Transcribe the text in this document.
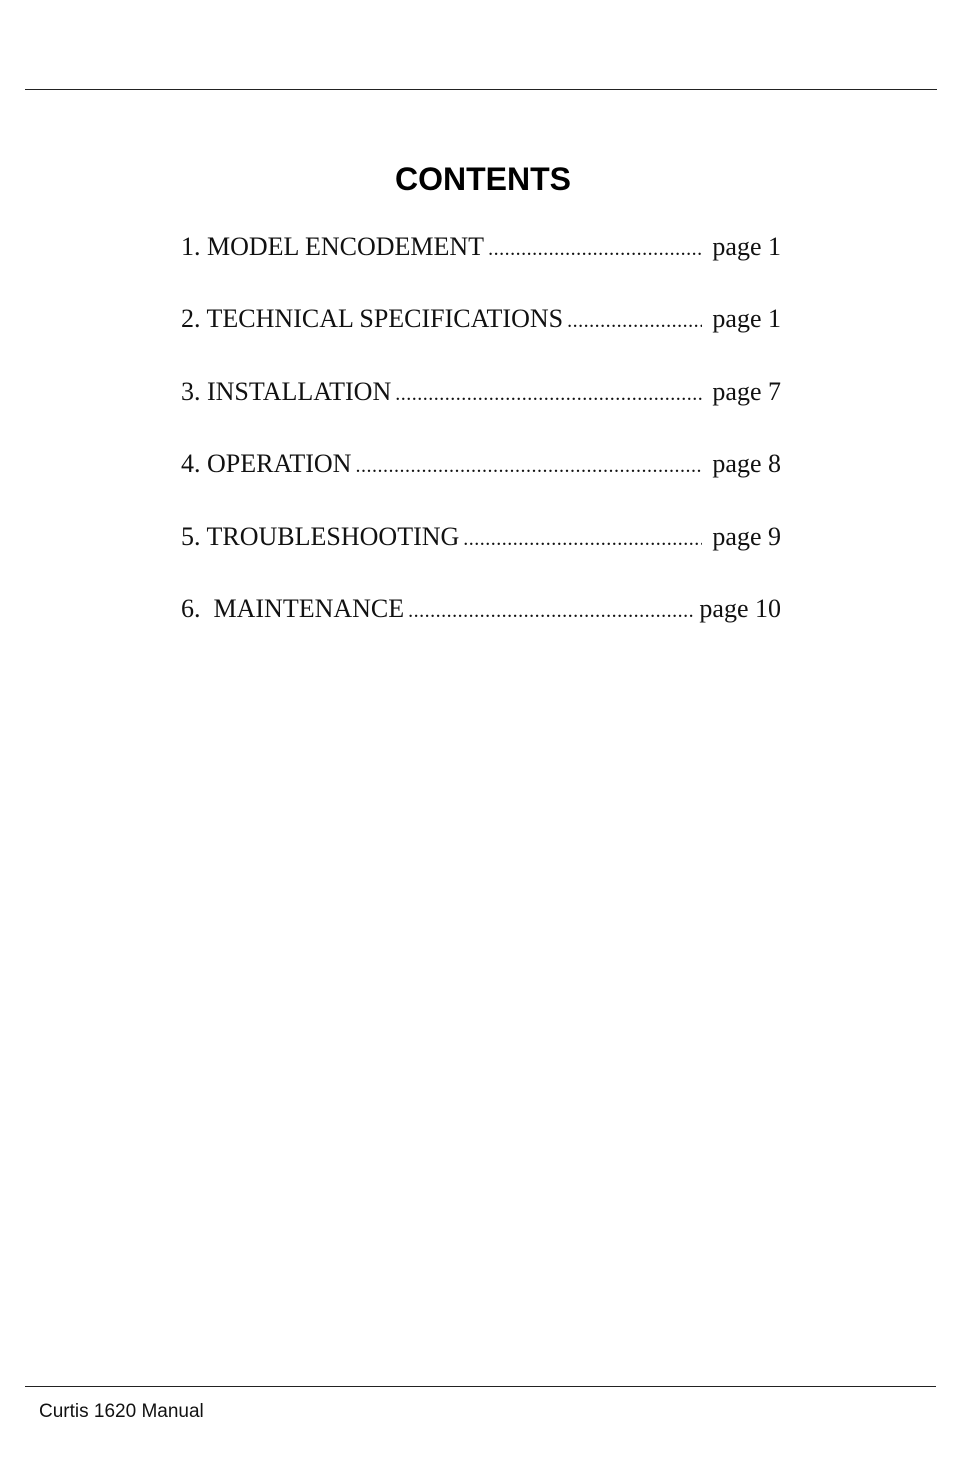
CONTENTS
1. MODEL ENCODEMENT .....	page 1
2. TECHNICAL SPECIFICATIONS .....	page 1
3. INSTALLATION .....	page 7
4. OPERATION .....	page 8
5. TROUBLESHOOTING .....	page 9
6.  MAINTENANCE .....	page 10
Curtis 1620 Manual
